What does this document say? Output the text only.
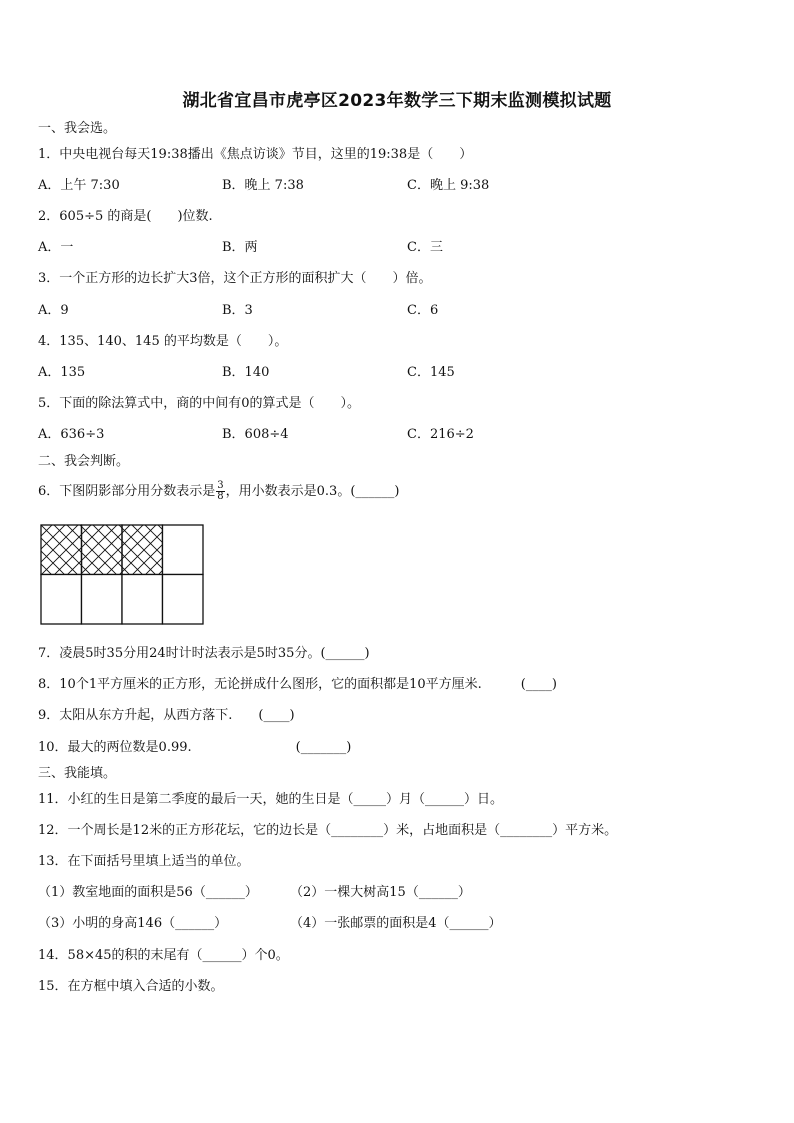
湖北省宜昌市虎亭区2023年数学三下期末监测模拟试题
一、我会选。
1．中央电视台每天19:38播出《焦点访谈》节目，这里的19:38是（　　）
A．上午 7:30	B．晚上 7:38	C．晚上 9:38
2．605÷5 的商是(　　)位数.
A．一	B．两	C．三
3．一个正方形的边长扩大3倍，这个正方形的面积扩大（　　）倍。
A．9	B．3	C．6
4．135、140、145 的平均数是（　　）。
A．135	B．140	C．145
5．下面的除法算式中，商的中间有0的算式是（　　）。
A．636÷3	B．608÷4	C．216÷2
二、我会判断。
6．下图阴影部分用分数表示是 $\frac{3}{8}$ ，用小数表示是0.3。(______)
7．凌晨5时35分用24时计时法表示是5时35分。(______)
8．10个1平方厘米的正方形，无论拼成什么图形，它的面积都是10平方厘米.　　　(____)
9．太阳从东方升起，从西方落下.　　(____)
10．最大的两位数是0.99.　　　　　　　　(_______)
三、我能填。
11．小红的生日是第二季度的最后一天，她的生日是（_____）月（______）日。
12．一个周长是12米的正方形花坛，它的边长是（________）米，占地面积是（________）平方米。
13．在下面括号里填上适当的单位。
（1）教室地面的面积是56（______） （2）一棵大树高15（______）
（3）小明的身高146（______）	（4）一张邮票的面积是4（______）
14．58×45的积的末尾有（______）个0。
15．在方框中填入合适的小数。
